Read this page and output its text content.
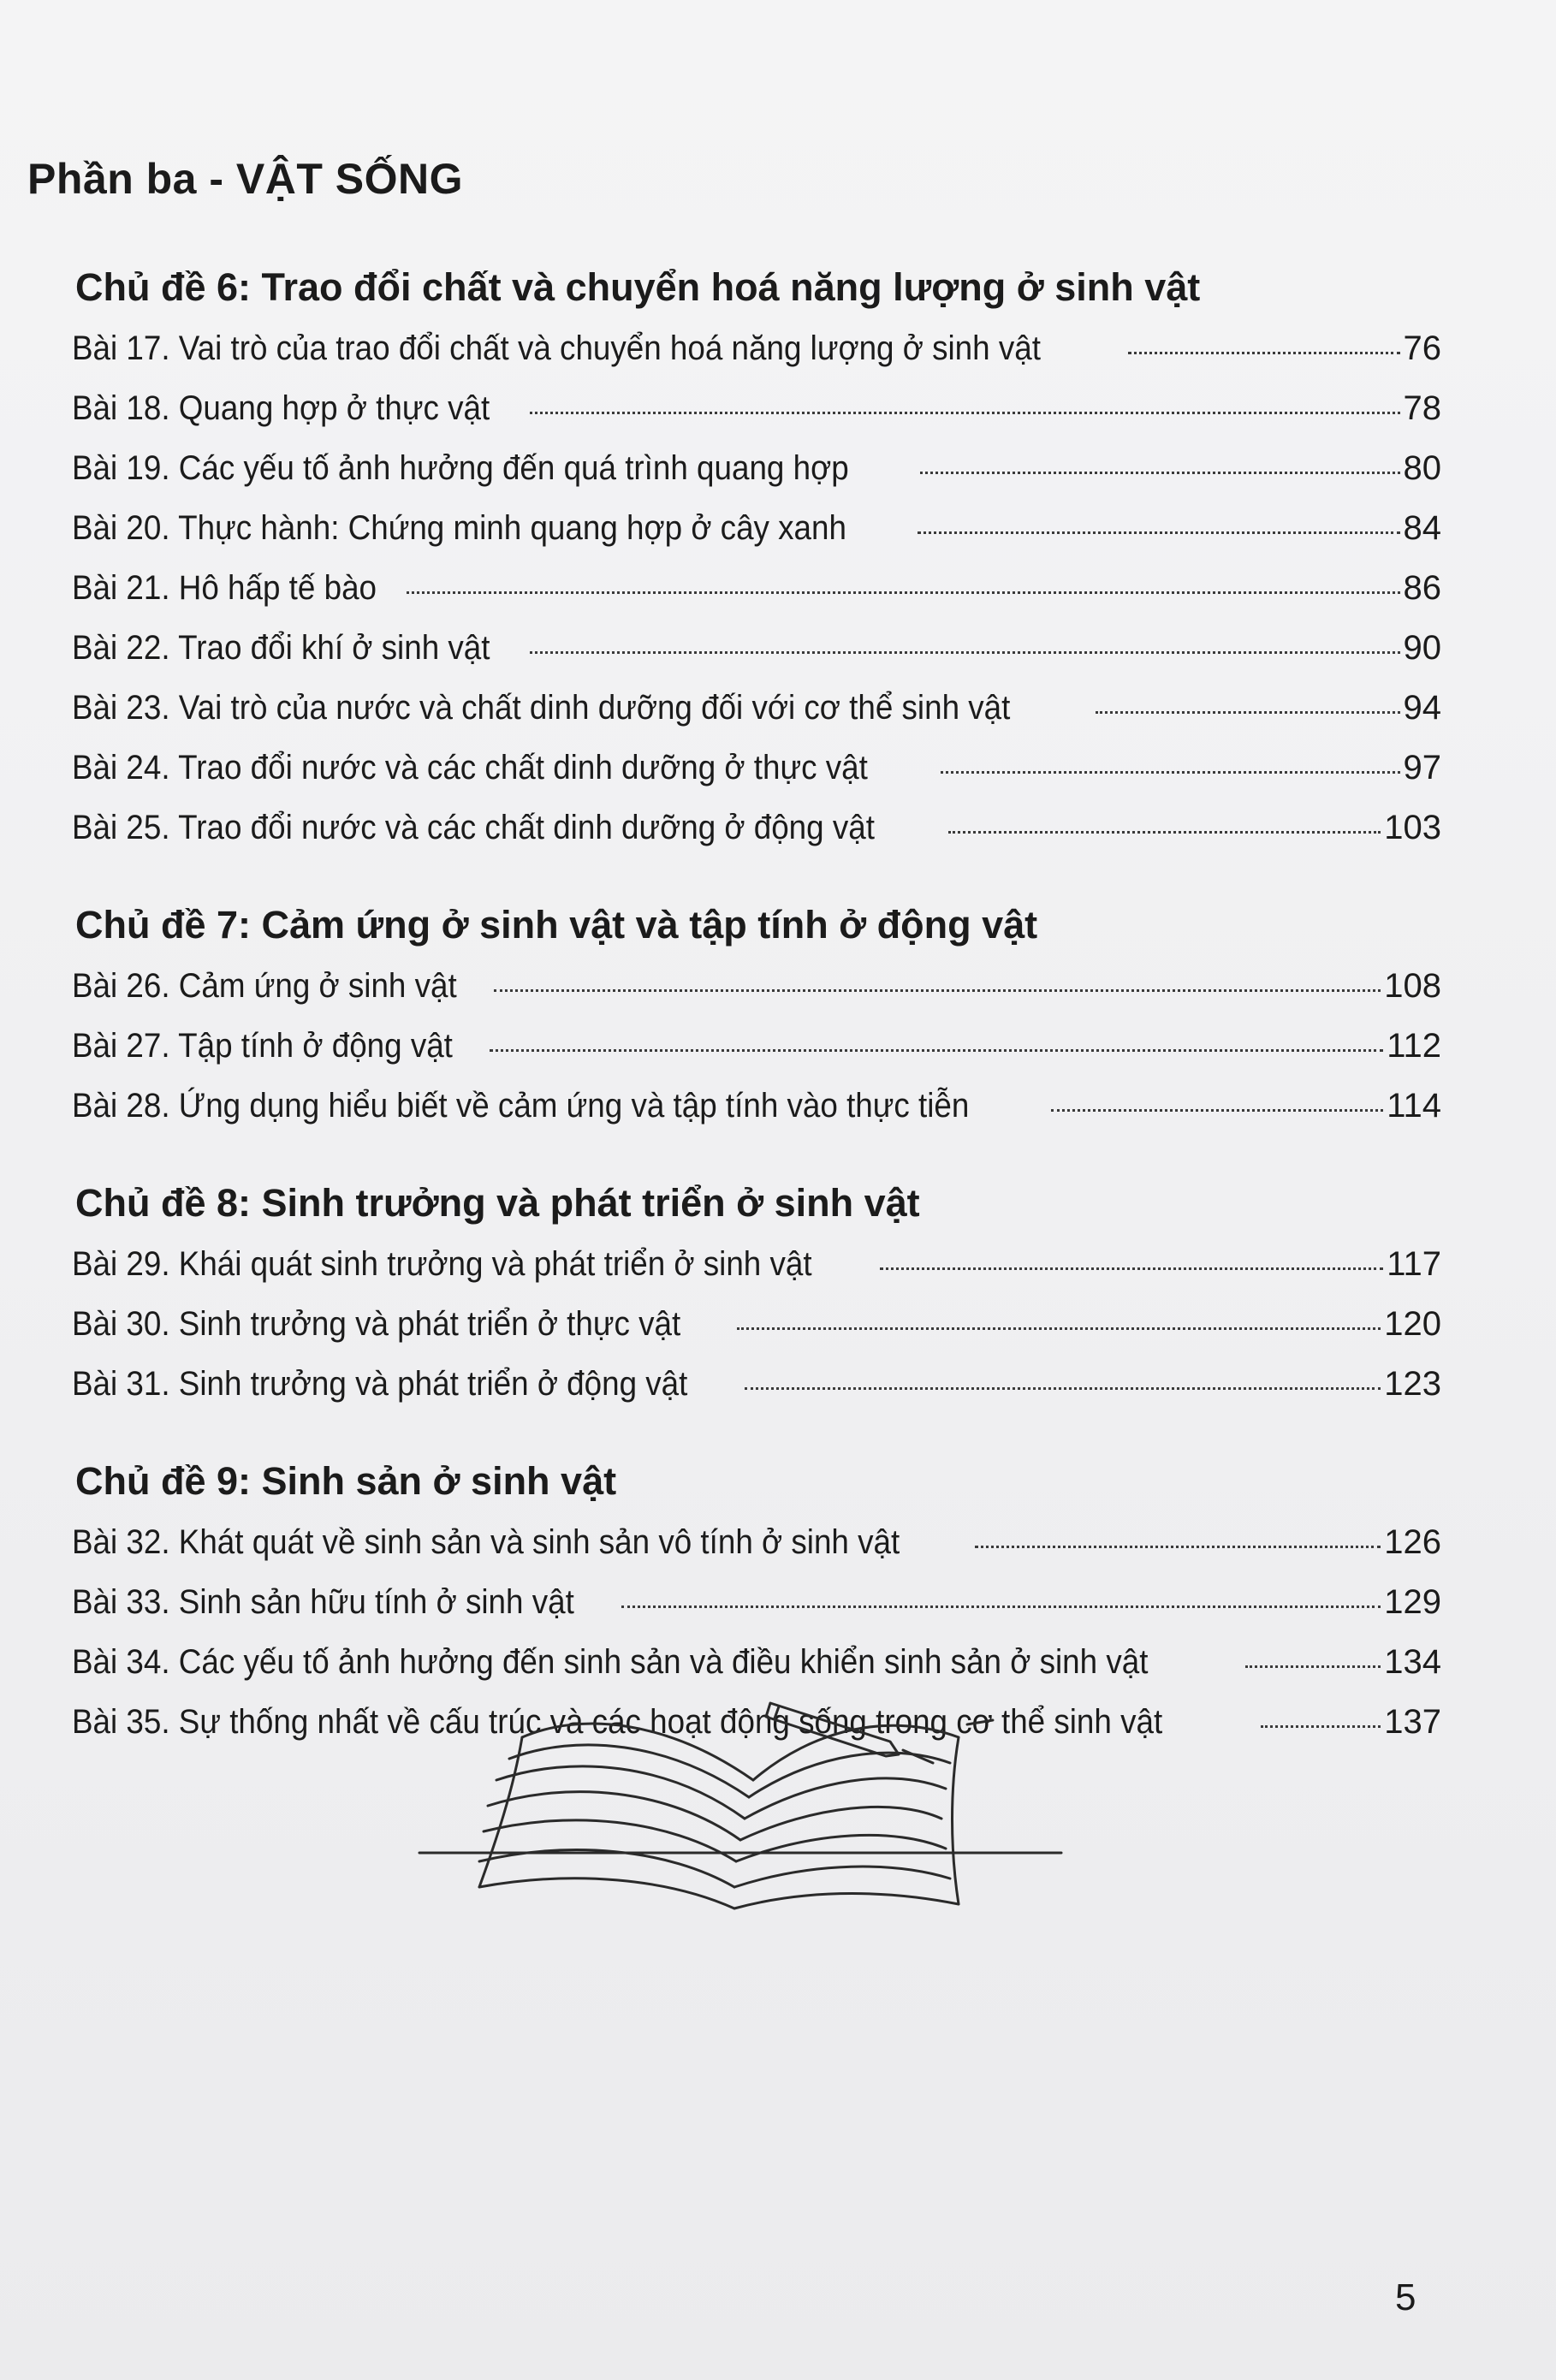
Phần ba - VẬT SỐNG
Chủ đề 6: Trao đổi chất và chuyển hoá năng lượng ở sinh vật
Bài 17. Vai trò của trao đổi chất và chuyển hoá năng lượng ở sinh vật	76
Bài 18. Quang hợp ở thực vật	78
Bài 19. Các yếu tố ảnh hưởng đến quá trình quang hợp	80
Bài 20. Thực hành: Chứng minh quang hợp ở cây xanh	84
Bài 21. Hô hấp tế bào	86
Bài 22. Trao đổi khí ở sinh vật	90
Bài 23. Vai trò của nước và chất dinh dưỡng đối với cơ thể sinh vật	94
Bài 24. Trao đổi nước và các chất dinh dưỡng ở thực vật	97
Bài 25. Trao đổi nước và các chất dinh dưỡng ở động vật	103
Chủ đề 7: Cảm ứng ở sinh vật và tập tính ở động vật
Bài 26. Cảm ứng ở sinh vật	108
Bài 27. Tập tính ở động vật	112
Bài 28. Ứng dụng hiểu biết về cảm ứng và tập tính vào thực tiễn	114
Chủ đề 8: Sinh trưởng và phát triển ở sinh vật
Bài 29. Khái quát sinh trưởng và phát triển ở sinh vật	117
Bài 30. Sinh trưởng và phát triển ở thực vật	120
Bài 31. Sinh trưởng và phát triển ở động vật	123
Chủ đề 9: Sinh sản ở sinh vật
Bài 32. Khát quát về sinh sản và sinh sản vô tính ở sinh vật	126
Bài 33. Sinh sản hữu tính ở sinh vật	129
Bài 34. Các yếu tố ảnh hưởng đến sinh sản và điều khiển sinh sản ở sinh vật	134
Bài 35. Sự thống nhất về cấu trúc và các hoạt động sống trong cơ thể sinh vật	137
5
